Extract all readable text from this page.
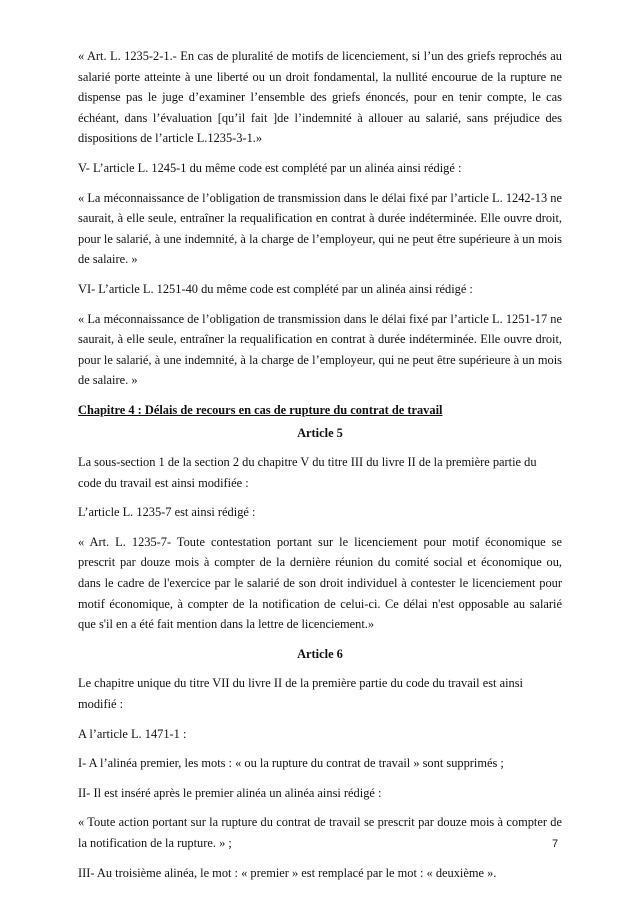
« Art. L. 1235-2-1.- En cas de pluralité de motifs de licenciement, si l’un des griefs reprochés au salarié porte atteinte à une liberté ou un droit fondamental, la nullité encourue de la rupture ne dispense pas le juge d’examiner l’ensemble des griefs énoncés, pour en tenir compte, le cas échéant, dans l’évaluation [qu’il fait ]de l’indemnité à allouer au salarié, sans préjudice des dispositions de l’article L.1235-3-1.»

V- L’article L. 1245-1 du même code est complété par un alinéa ainsi rédigé :

« La méconnaissance de l’obligation de transmission dans le délai fixé par l’article L. 1242-13 ne saurait, à elle seule, entraîner la requalification en contrat à durée indéterminée. Elle ouvre droit, pour le salarié, à une indemnité, à la charge de l’employeur, qui ne peut être supérieure à un mois de salaire. »

VI- L’article L. 1251-40 du même code est complété par un alinéa ainsi rédigé :

« La méconnaissance de l’obligation de transmission dans le délai fixé par l’article L. 1251-17 ne saurait, à elle seule, entraîner la requalification en contrat à durée indéterminée. Elle ouvre droit, pour le salarié, à une indemnité, à la charge de l’employeur, qui ne peut être supérieure à un mois de salaire. »

Chapitre 4 : Délais de recours en cas de rupture du contrat de travail
Article 5

La sous-section 1 de la section 2 du chapitre V du titre III du livre II de la première partie du code du travail est ainsi modifiée :

L’article L. 1235-7 est ainsi rédigé :

« Art. L. 1235-7- Toute contestation portant sur le licenciement pour motif économique se prescrit par douze mois à compter de la dernière réunion du comité social et économique ou, dans le cadre de l'exercice par le salarié de son droit individuel à contester le licenciement pour motif économique, à compter de la notification de celui-ci. Ce délai n'est opposable au salarié que s'il en a été fait mention dans la lettre de licenciement.»

Article 6

Le chapitre unique du titre VII du livre II de la première partie du code du travail est ainsi modifié :

A l’article L. 1471-1 :

I- A l’alinéa premier, les mots : « ou la rupture du contrat de travail » sont supprimés ;

II- Il est inséré après le premier alinéa un alinéa ainsi rédigé :

« Toute action portant sur la rupture du contrat de travail se prescrit par douze mois à compter de la notification de la rupture. » ;

III- Au troisième alinéa, le mot : « premier » est remplacé par le mot : « deuxième ».

7
